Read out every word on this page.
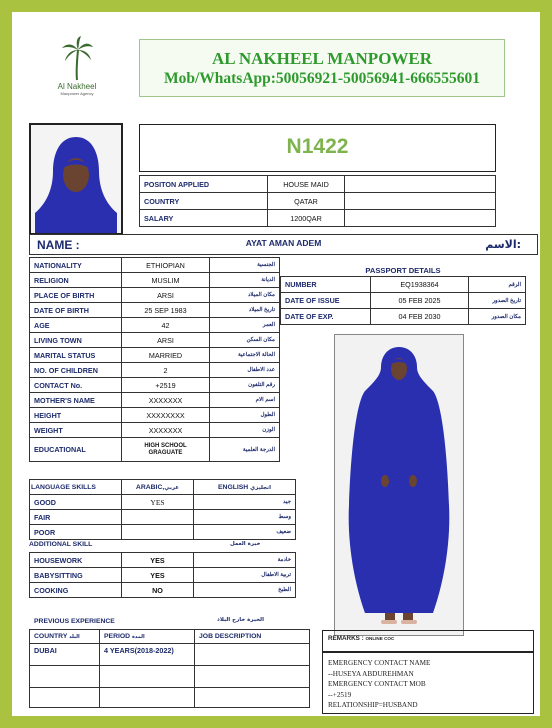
Al Nakheel
Manpower Agency
AL NAKHEEL MANPOWER
Mob/WhatsApp:50056921-50056941-666555601
N1422
POSITON APPLIED	HOUSE MAID	
COUNTRY	QATAR	
SALARY	1200QAR	
NAME :	AYAT AMAN ADEM	الاسم:
NATIONALITY	ETHIOPIAN	الجنسية
RELIGION	MUSLIM	الديانة
PLACE OF BIRTH	ARSI	مكان الميلاد
DATE OF BIRTH	25 SEP 1983	تاريخ الميلاد
AGE	42	العمر
LIVING TOWN	ARSI	مكان السكن
MARITAL STATUS	MARRIED	الحالة الاجتماعية
NO. OF CHILDREN	2	عدد الاطفال
CONTACT No.	+2519	رقم التلفون
MOTHER'S NAME	XXXXXXX	اسم الام
HEIGHT	XXXXXXXX	الطول
WEIGHT	XXXXXXX	الوزن
EDUCATIONAL	HIGH SCHOOL GRAGUATE	الدرجة العلمية
PASSPORT DETAILS
NUMBER	EQ1938364	الرقم
DATE OF ISSUE	05 FEB 2025	تاريخ الصدور
DATE OF EXP.	04 FEB 2030	مكان الصدور
LANGUAGE SKILLS	ARABIC,عربي	ENGLISH انجليزي
GOOD	YES	جيد
FAIR		وسط
POOR		ضعيف
ADDITIONAL SKILL	خبرة العمل
HOUSEWORK	YES	خادمة
BABYSITTING	YES	تربية الاطفال
COOKING	NO	الطبخ
PREVIOUS EXPERIENCE	الخبرة خارج البلاد
COUNTRY البلد	PERIOD المدة	JOB DESCRIPTION
DUBAI	4 YEARS(2018-2022)	

REMARKS : ONLINE COC
EMERGENCY CONTACT NAME
--HUSEYA ABDUREHMAN
EMERGENCY CONTACT MOB
--+2519
RELATIONSHIP=HUSBAND
